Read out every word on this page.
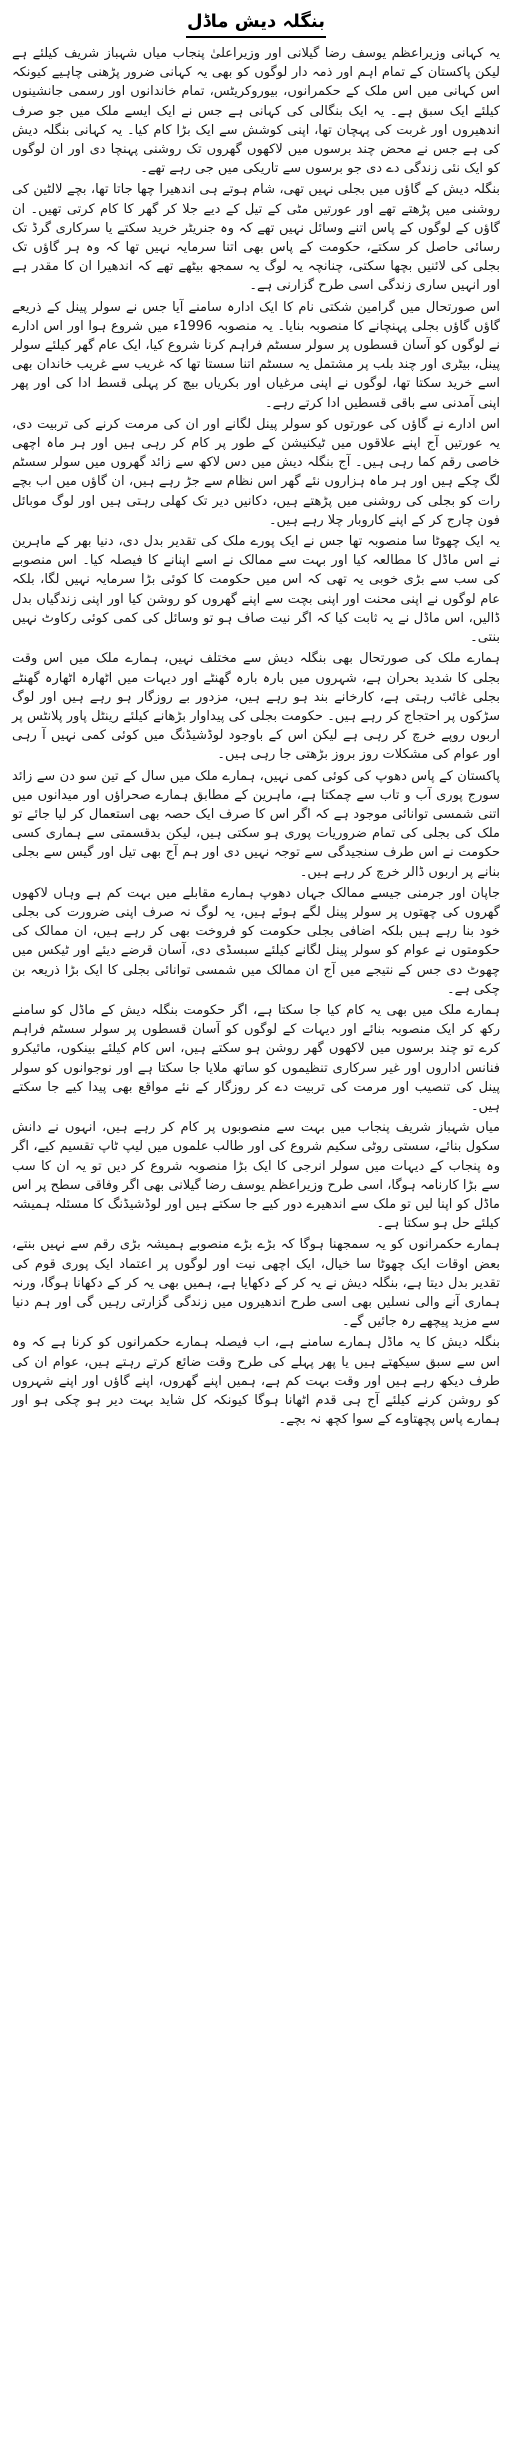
بنگلہ دیش ماڈل

یہ کہانی وزیراعظم یوسف رضا گیلانی اور وزیراعلیٰ پنجاب میاں شہباز شریف کیلئے ہے لیکن پاکستان کے تمام اہم اور ذمہ دار لوگوں کو بھی یہ کہانی ضرور پڑھنی چاہیے کیونکہ اس کہانی میں اس ملک کے حکمرانوں، بیوروکریٹس، تمام خاندانوں اور رسمی جانشینوں کیلئے ایک سبق ہے۔ یہ ایک بنگالی کی کہانی ہے جس نے ایک ایسے ملک میں جو صرف اندھیروں اور غربت کی پہچان تھا، اپنی کوشش سے ایک بڑا کام کیا۔ یہ کہانی بنگلہ دیش کی ہے جس نے محض چند برسوں میں لاکھوں گھروں تک روشنی پہنچا دی اور ان لوگوں کو ایک نئی زندگی دے دی جو برسوں سے تاریکی میں جی رہے تھے۔

بنگلہ دیش کے گاؤں میں بجلی نہیں تھی، شام ہوتے ہی اندھیرا چھا جاتا تھا، بچے لالٹین کی روشنی میں پڑھتے تھے اور عورتیں مٹی کے تیل کے دیے جلا کر گھر کا کام کرتی تھیں۔ ان گاؤں کے لوگوں کے پاس اتنے وسائل نہیں تھے کہ وہ جنریٹر خرید سکتے یا سرکاری گرڈ تک رسائی حاصل کر سکتے، حکومت کے پاس بھی اتنا سرمایہ نہیں تھا کہ وہ ہر گاؤں تک بجلی کی لائنیں بچھا سکتی، چنانچہ یہ لوگ یہ سمجھ بیٹھے تھے کہ اندھیرا ان کا مقدر ہے اور انہیں ساری زندگی اسی طرح گزارنی ہے۔

اس صورتحال میں گرامین شکتی نام کا ایک ادارہ سامنے آیا جس نے سولر پینل کے ذریعے گاؤں گاؤں بجلی پہنچانے کا منصوبہ بنایا۔ یہ منصوبہ 1996ء میں شروع ہوا اور اس ادارے نے لوگوں کو آسان قسطوں پر سولر سسٹم فراہم کرنا شروع کیا، ایک عام گھر کیلئے سولر پینل، بیٹری اور چند بلب پر مشتمل یہ سسٹم اتنا سستا تھا کہ غریب سے غریب خاندان بھی اسے خرید سکتا تھا، لوگوں نے اپنی مرغیاں اور بکریاں بیچ کر پہلی قسط ادا کی اور پھر اپنی آمدنی سے باقی قسطیں ادا کرتے رہے۔

اس ادارے نے گاؤں کی عورتوں کو سولر پینل لگانے اور ان کی مرمت کرنے کی تربیت دی، یہ عورتیں آج اپنے علاقوں میں ٹیکنیشن کے طور پر کام کر رہی ہیں اور ہر ماہ اچھی خاصی رقم کما رہی ہیں۔ آج بنگلہ دیش میں دس لاکھ سے زائد گھروں میں سولر سسٹم لگ چکے ہیں اور ہر ماہ ہزاروں نئے گھر اس نظام سے جڑ رہے ہیں، ان گاؤں میں اب بچے رات کو بجلی کی روشنی میں پڑھتے ہیں، دکانیں دیر تک کھلی رہتی ہیں اور لوگ موبائل فون چارج کر کے اپنے کاروبار چلا رہے ہیں۔

یہ ایک چھوٹا سا منصوبہ تھا جس نے ایک پورے ملک کی تقدیر بدل دی، دنیا بھر کے ماہرین نے اس ماڈل کا مطالعہ کیا اور بہت سے ممالک نے اسے اپنانے کا فیصلہ کیا۔ اس منصوبے کی سب سے بڑی خوبی یہ تھی کہ اس میں حکومت کا کوئی بڑا سرمایہ نہیں لگا، بلکہ عام لوگوں نے اپنی محنت اور اپنی بچت سے اپنے گھروں کو روشن کیا اور اپنی زندگیاں بدل ڈالیں، اس ماڈل نے یہ ثابت کیا کہ اگر نیت صاف ہو تو وسائل کی کمی کوئی رکاوٹ نہیں بنتی۔

ہمارے ملک کی صورتحال بھی بنگلہ دیش سے مختلف نہیں، ہمارے ملک میں اس وقت بجلی کا شدید بحران ہے، شہروں میں بارہ بارہ گھنٹے اور دیہات میں اٹھارہ اٹھارہ گھنٹے بجلی غائب رہتی ہے، کارخانے بند ہو رہے ہیں، مزدور بے روزگار ہو رہے ہیں اور لوگ سڑکوں پر احتجاج کر رہے ہیں۔ حکومت بجلی کی پیداوار بڑھانے کیلئے رینٹل پاور پلانٹس پر اربوں روپے خرچ کر رہی ہے لیکن اس کے باوجود لوڈشیڈنگ میں کوئی کمی نہیں آ رہی اور عوام کی مشکلات روز بروز بڑھتی جا رہی ہیں۔

پاکستان کے پاس دھوپ کی کوئی کمی نہیں، ہمارے ملک میں سال کے تین سو دن سے زائد سورج پوری آب و تاب سے چمکتا ہے، ماہرین کے مطابق ہمارے صحراؤں اور میدانوں میں اتنی شمسی توانائی موجود ہے کہ اگر اس کا صرف ایک حصہ بھی استعمال کر لیا جائے تو ملک کی بجلی کی تمام ضروریات پوری ہو سکتی ہیں، لیکن بدقسمتی سے ہماری کسی حکومت نے اس طرف سنجیدگی سے توجہ نہیں دی اور ہم آج بھی تیل اور گیس سے بجلی بنانے پر اربوں ڈالر خرچ کر رہے ہیں۔

جاپان اور جرمنی جیسے ممالک جہاں دھوپ ہمارے مقابلے میں بہت کم ہے وہاں لاکھوں گھروں کی چھتوں پر سولر پینل لگے ہوئے ہیں، یہ لوگ نہ صرف اپنی ضرورت کی بجلی خود بنا رہے ہیں بلکہ اضافی بجلی حکومت کو فروخت بھی کر رہے ہیں، ان ممالک کی حکومتوں نے عوام کو سولر پینل لگانے کیلئے سبسڈی دی، آسان قرضے دیئے اور ٹیکس میں چھوٹ دی جس کے نتیجے میں آج ان ممالک میں شمسی توانائی بجلی کا ایک بڑا ذریعہ بن چکی ہے۔

ہمارے ملک میں بھی یہ کام کیا جا سکتا ہے، اگر حکومت بنگلہ دیش کے ماڈل کو سامنے رکھ کر ایک منصوبہ بنائے اور دیہات کے لوگوں کو آسان قسطوں پر سولر سسٹم فراہم کرے تو چند برسوں میں لاکھوں گھر روشن ہو سکتے ہیں، اس کام کیلئے بینکوں، مائیکرو فنانس اداروں اور غیر سرکاری تنظیموں کو ساتھ ملایا جا سکتا ہے اور نوجوانوں کو سولر پینل کی تنصیب اور مرمت کی تربیت دے کر روزگار کے نئے مواقع بھی پیدا کیے جا سکتے ہیں۔

میاں شہباز شریف پنجاب میں بہت سے منصوبوں پر کام کر رہے ہیں، انہوں نے دانش سکول بنائے، سستی روٹی سکیم شروع کی اور طالب علموں میں لیپ ٹاپ تقسیم کیے، اگر وہ پنجاب کے دیہات میں سولر انرجی کا ایک بڑا منصوبہ شروع کر دیں تو یہ ان کا سب سے بڑا کارنامہ ہوگا، اسی طرح وزیراعظم یوسف رضا گیلانی بھی اگر وفاقی سطح پر اس ماڈل کو اپنا لیں تو ملک سے اندھیرے دور کیے جا سکتے ہیں اور لوڈشیڈنگ کا مسئلہ ہمیشہ کیلئے حل ہو سکتا ہے۔

ہمارے حکمرانوں کو یہ سمجھنا ہوگا کہ بڑے بڑے منصوبے ہمیشہ بڑی رقم سے نہیں بنتے، بعض اوقات ایک چھوٹا سا خیال، ایک اچھی نیت اور لوگوں پر اعتماد ایک پوری قوم کی تقدیر بدل دیتا ہے، بنگلہ دیش نے یہ کر کے دکھایا ہے، ہمیں بھی یہ کر کے دکھانا ہوگا، ورنہ ہماری آنے والی نسلیں بھی اسی طرح اندھیروں میں زندگی گزارتی رہیں گی اور ہم دنیا سے مزید پیچھے رہ جائیں گے۔

بنگلہ دیش کا یہ ماڈل ہمارے سامنے ہے، اب فیصلہ ہمارے حکمرانوں کو کرنا ہے کہ وہ اس سے سبق سیکھتے ہیں یا پھر پہلے کی طرح وقت ضائع کرتے رہتے ہیں، عوام ان کی طرف دیکھ رہے ہیں اور وقت بہت کم ہے، ہمیں اپنے گھروں، اپنے گاؤں اور اپنے شہروں کو روشن کرنے کیلئے آج ہی قدم اٹھانا ہوگا کیونکہ کل شاید بہت دیر ہو چکی ہو اور ہمارے پاس پچھتاوے کے سوا کچھ نہ بچے۔
